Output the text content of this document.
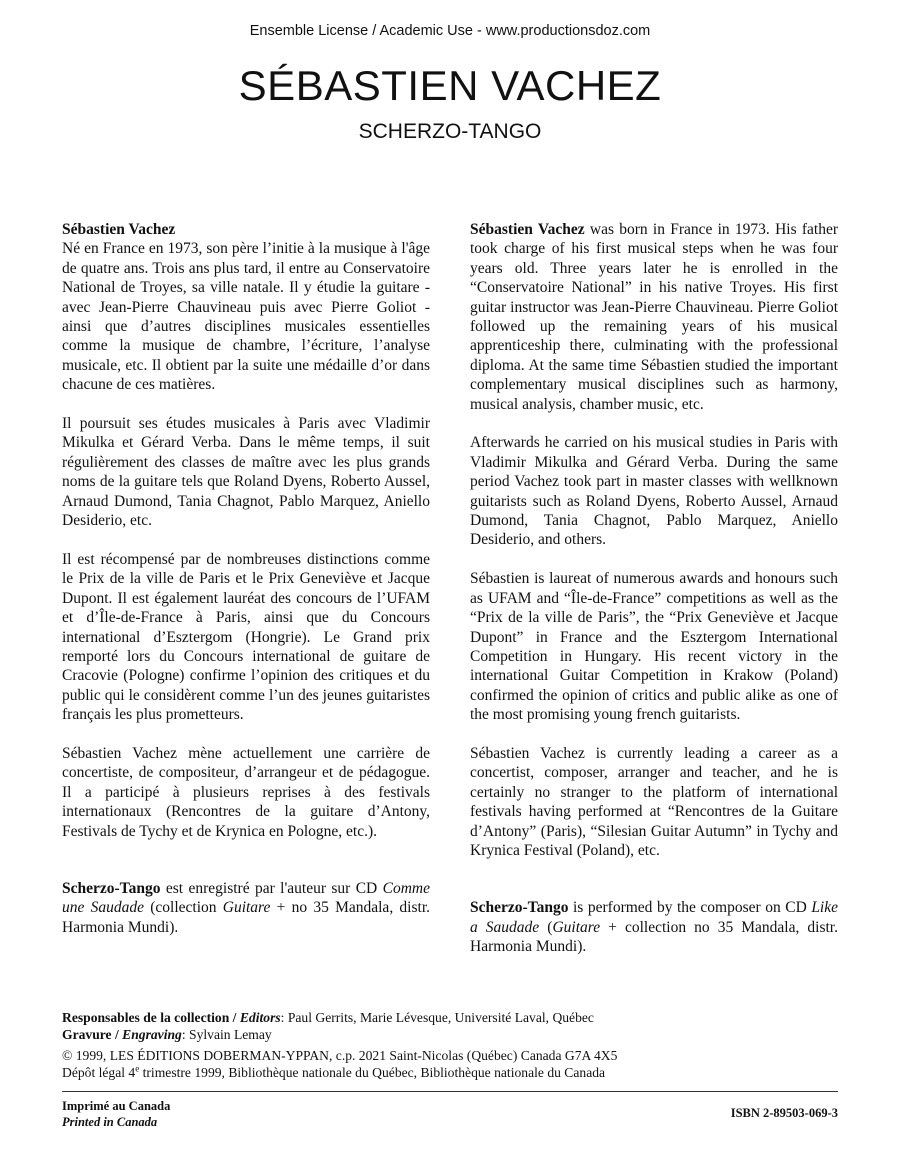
Ensemble License / Academic Use - www.productionsdoz.com
SÉBASTIEN VACHEZ
SCHERZO-TANGO

Sébastien Vachez

Né en France en 1973, son père l’initie à la musique à l'âge de quatre ans. Trois ans plus tard, il entre au Conservatoire National de Troyes, sa ville natale. Il y étudie la guitare - avec Jean-Pierre Chauvineau puis avec Pierre Goliot - ainsi que d’autres disciplines musicales essentielles comme la musique de chambre, l’écriture, l’analyse musicale, etc. Il obtient par la suite une médaille d’or dans chacune de ces matières.

Il poursuit ses études musicales à Paris avec Vladimir Mikulka et Gérard Verba. Dans le même temps, il suit régulièrement des classes de maître avec les plus grands noms de la guitare tels que Roland Dyens, Roberto Aussel, Arnaud Dumond, Tania Chagnot, Pablo Marquez, Aniello Desiderio, etc.

Il est récompensé par de nombreuses distinctions comme le Prix de la ville de Paris et le Prix Geneviève et Jacque Dupont. Il est également lauréat des concours de l’UFAM et d’Île-de-France à Paris, ainsi que du Concours international d’Esztergom (Hongrie). Le Grand prix remporté lors du Concours international de guitare de Cracovie (Pologne) confirme l’opinion des critiques et du public qui le considèrent comme l’un des jeunes guitaristes français les plus prometteurs.

Sébastien Vachez mène actuellement une carrière de concertiste, de compositeur, d’arrangeur et de pédagogue. Il a participé à plusieurs reprises à des festivals internationaux (Rencontres de la guitare d’Antony, Festivals de Tychy et de Krynica en Pologne, etc.).

Scherzo-Tango est enregistré par l'auteur sur CD Comme une Saudade (collection Guitare + no 35 Mandala, distr. Harmonia Mundi).

Sébastien Vachez was born in France in 1973. His father took charge of his first musical steps when he was four years old. Three years later he is enrolled in the “Conservatoire National” in his native Troyes. His first guitar instructor was Jean-Pierre Chauvineau. Pierre Goliot followed up the remaining years of his musical apprenticeship there, culminating with the professional diploma. At the same time Sébastien studied the important complementary musical disciplines such as harmony, musical analysis, chamber music, etc.

Afterwards he carried on his musical studies in Paris with Vladimir Mikulka and Gérard Verba. During the same period Vachez took part in master classes with wellknown guitarists such as Roland Dyens, Roberto Aussel, Arnaud Dumond, Tania Chagnot, Pablo Marquez, Aniello Desiderio, and others.

Sébastien is laureat of numerous awards and honours such as UFAM and “Île-de-France” competitions as well as the “Prix de la ville de Paris”, the “Prix Geneviève et Jacque Dupont” in France and the Esztergom International Competition in Hungary. His recent victory in the international Guitar Competition in Krakow (Poland) confirmed the opinion of critics and public alike as one of the most promising young french guitarists.

Sébastien Vachez is currently leading a career as a concertist, composer, arranger and teacher, and he is certainly no stranger to the platform of international festivals having performed at “Rencontres de la Guitare d’Antony” (Paris), “Silesian Guitar Autumn” in Tychy and Krynica Festival (Poland), etc.

Scherzo-Tango is performed by the composer on CD Like a Saudade (Guitare + collection no 35 Mandala, distr. Harmonia Mundi).

Responsables de la collection / Editors: Paul Gerrits, Marie Lévesque, Université Laval, Québec
Gravure / Engraving: Sylvain Lemay
© 1999, LES ÉDITIONS DOBERMAN-YPPAN, c.p. 2021 Saint-Nicolas (Québec) Canada G7A 4X5
Dépôt légal 4e trimestre 1999, Bibliothèque nationale du Québec, Bibliothèque nationale du Canada
Imprimé au Canada
Printed in Canada
ISBN 2-89503-069-3
